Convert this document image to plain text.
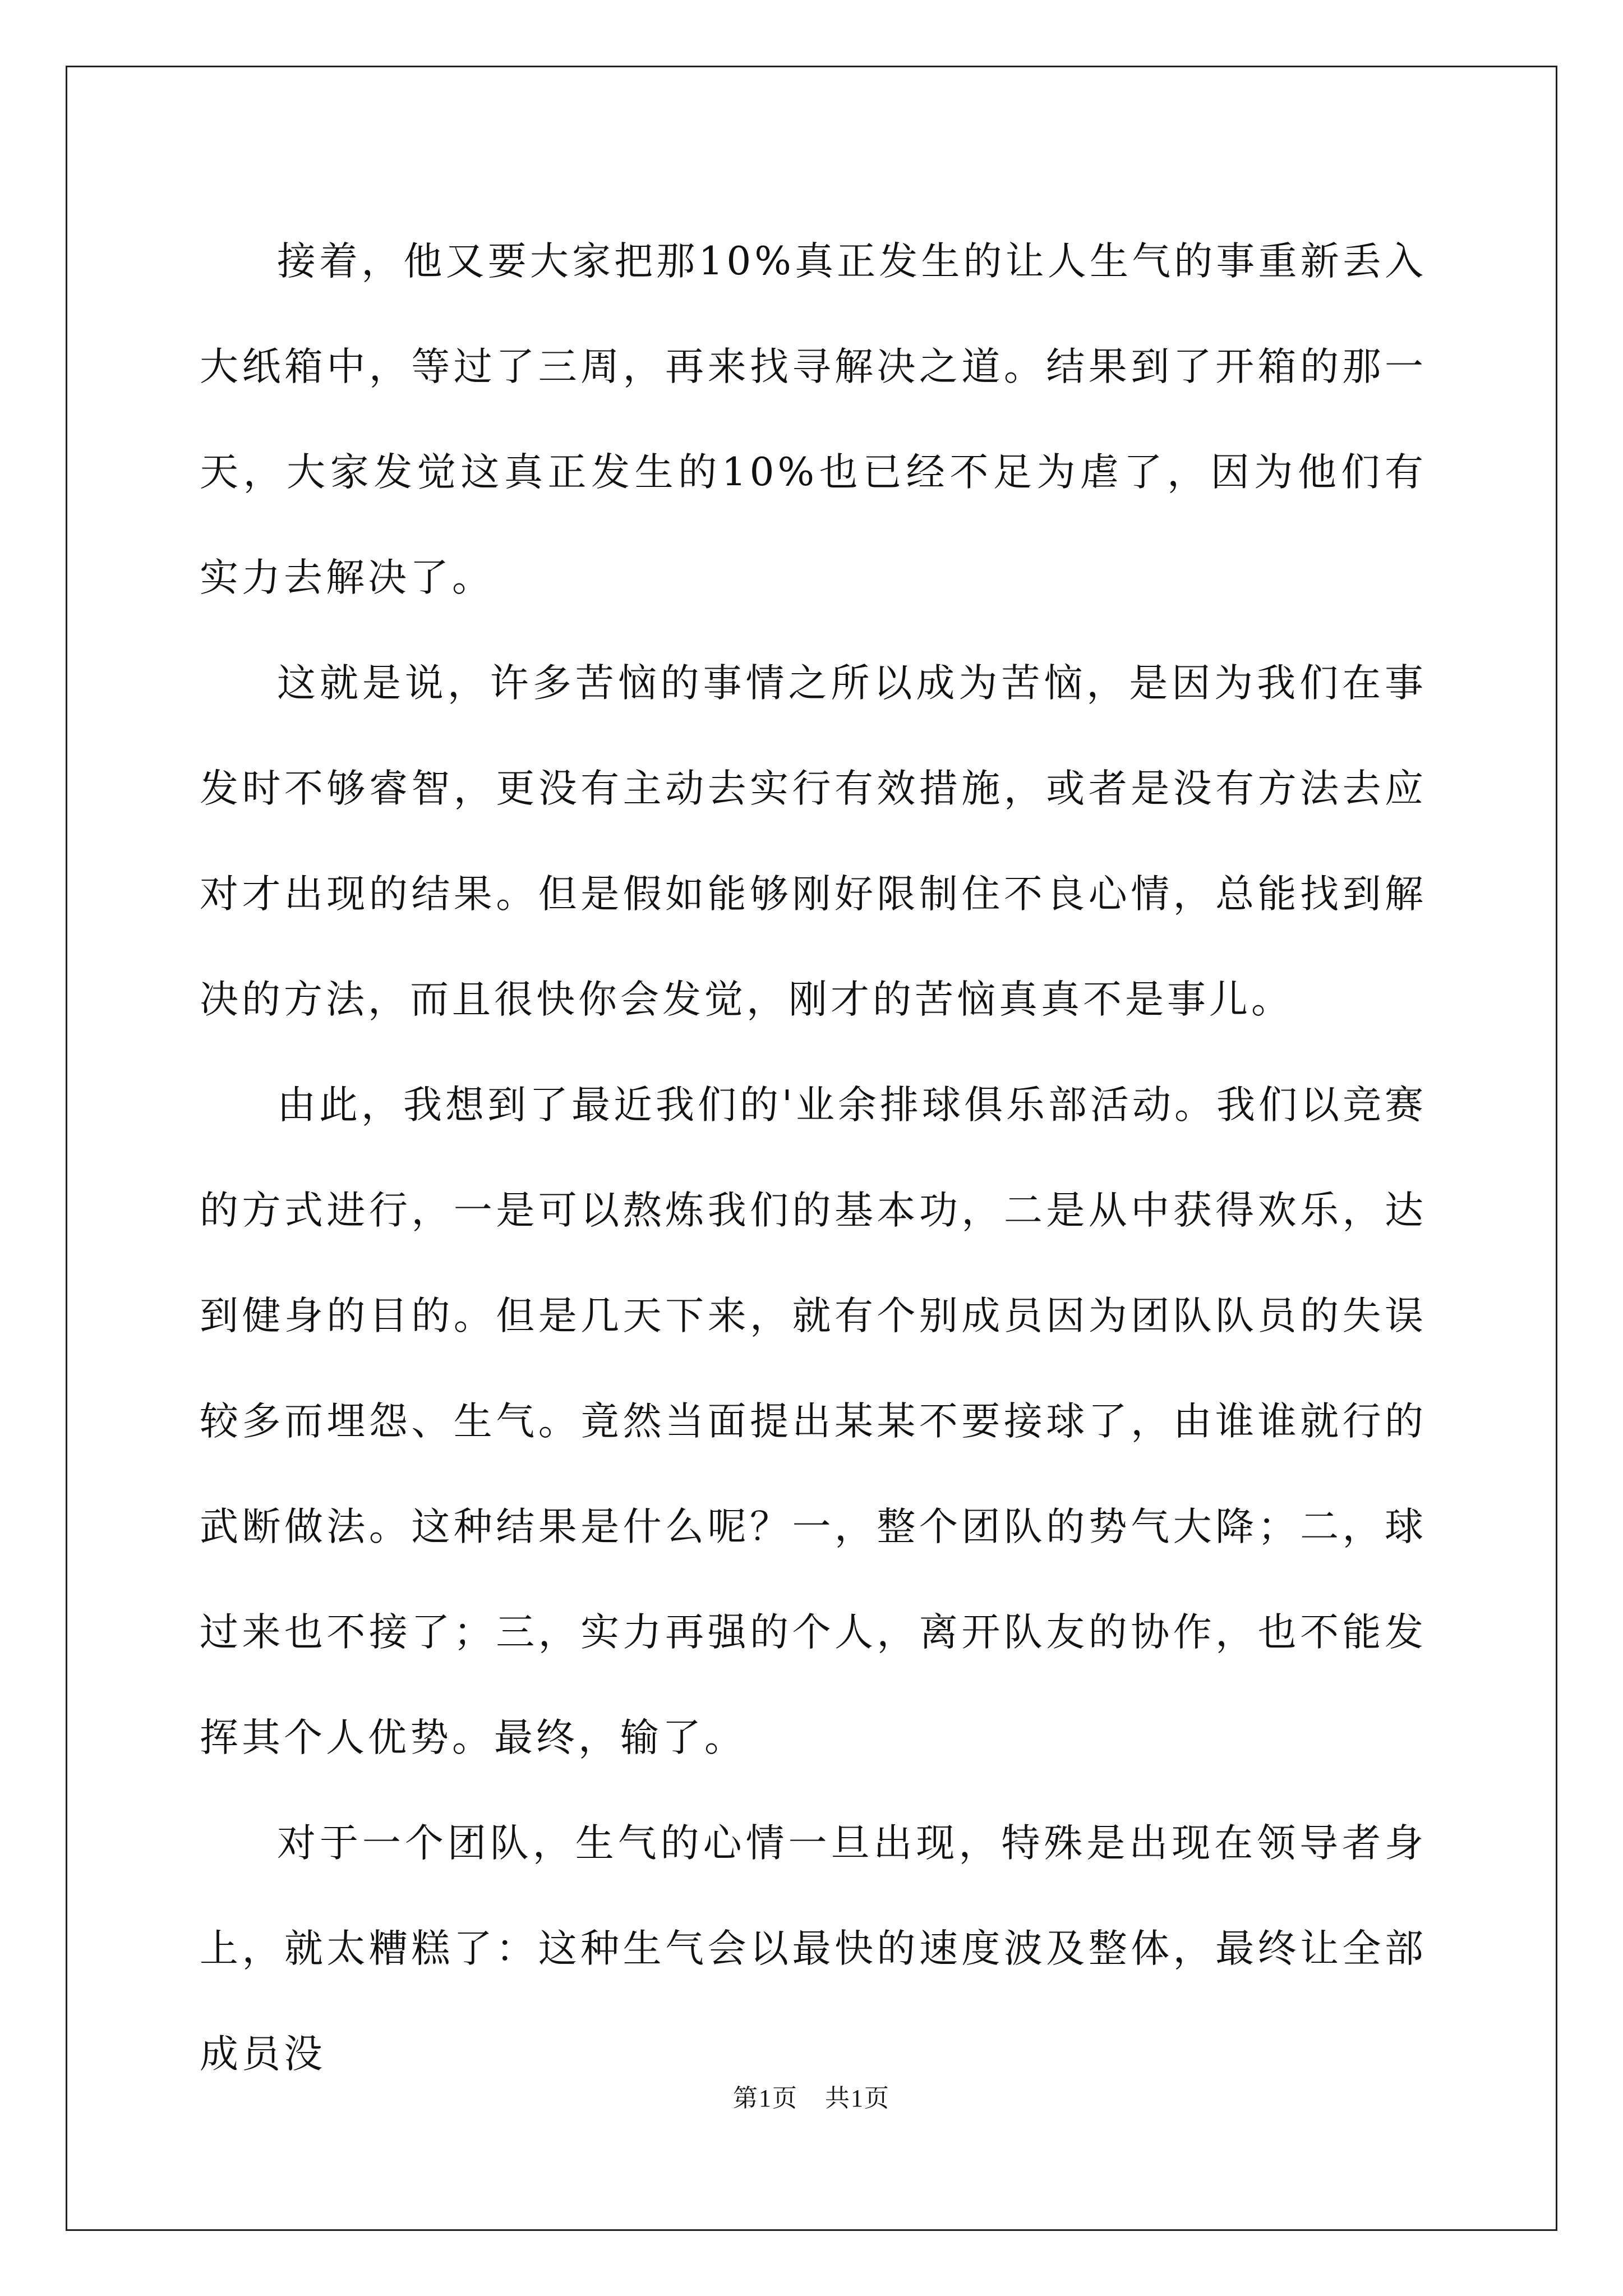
接着，他又要大家把那10%真正发生的让人生气的事重新丢入大纸箱中，等过了三周，再来找寻解决之道。结果到了开箱的那一天，大家发觉这真正发生的10%也已经不足为虐了，因为他们有实力去解决了。

这就是说，许多苦恼的事情之所以成为苦恼，是因为我们在事发时不够睿智，更没有主动去实行有效措施，或者是没有方法去应对才出现的结果。但是假如能够刚好限制住不良心情，总能找到解决的方法，而且很快你会发觉，刚才的苦恼真真不是事儿。

由此，我想到了最近我们的'业余排球俱乐部活动。我们以竞赛的方式进行，一是可以熬炼我们的基本功，二是从中获得欢乐，达到健身的目的。但是几天下来，就有个别成员因为团队队员的失误较多而埋怨、生气。竟然当面提出某某不要接球了，由谁谁就行的武断做法。这种结果是什么呢？一，整个团队的势气大降；二，球过来也不接了；三，实力再强的个人，离开队友的协作，也不能发挥其个人优势。最终，输了。

对于一个团队，生气的心情一旦出现，特殊是出现在领导者身上，就太糟糕了：这种生气会以最快的速度波及整体，最终让全部成员没

第1页 共1页
